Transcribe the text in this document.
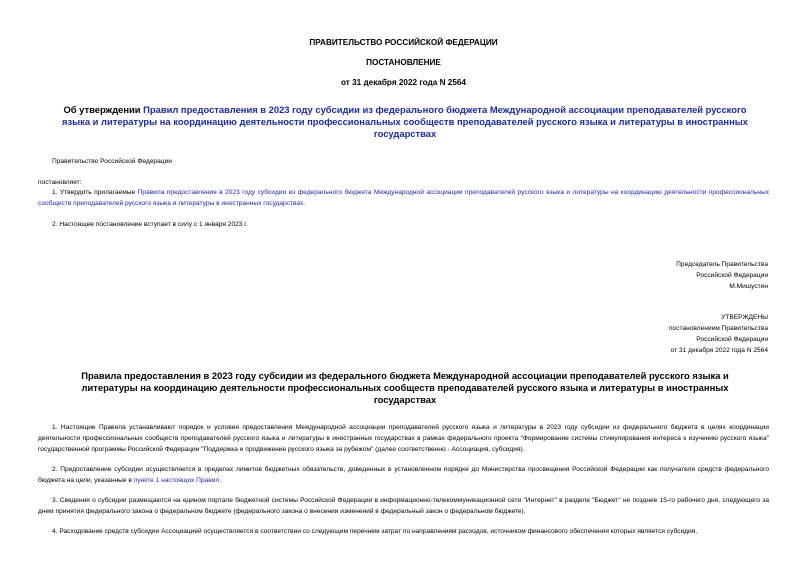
ПРАВИТЕЛЬСТВО РОССИЙСКОЙ ФЕДЕРАЦИИ
ПОСТАНОВЛЕНИЕ
от 31 декабря 2022 года N 2564
Об утверждении Правил предоставления в 2023 году субсидии из федерального бюджета Международной ассоциации преподавателей русского языка и литературы на координацию деятельности профессиональных сообществ преподавателей русского языка и литературы в иностранных государствах
Правительство Российской Федерации
постановляет:
1. Утвердить прилагаемые Правила предоставления в 2023 году субсидии из федерального бюджета Международной ассоциации преподавателей русского языка и литературы на координацию деятельности профессиональных сообществ преподавателей русского языка и литературы в иностранных государствах.
2. Настоящее постановление вступает в силу с 1 января 2023 г.
Председатель Правительства
Российской Федерации
М.Мишустин
УТВЕРЖДЕНЫ
постановлением Правительства
Российской Федерации
от 31 декабря 2022 года N 2564
Правила предоставления в 2023 году субсидии из федерального бюджета Международной ассоциации преподавателей русского языка и литературы на координацию деятельности профессиональных сообществ преподавателей русского языка и литературы в иностранных государствах
1. Настоящие Правила устанавливают порядок и условия предоставления Международной ассоциации преподавателей русского языка и литературы в 2023 году субсидии из федерального бюджета в целях координации деятельности профессиональных сообществ преподавателей русского языка и литературы в иностранных государствах в рамках федерального проекта "Формирование системы стимулирования интереса к изучению русского языка" государственной программы Российской Федерации "Поддержка и продвижение русского языка за рубежом" (далее соответственно - Ассоциация, субсидия).
2. Предоставление субсидии осуществляется в пределах лимитов бюджетных обязательств, доведенных в установленном порядке до Министерства просвещения Российской Федерации как получателя средств федерального бюджета на цели, указанные в пункте 1 настоящих Правил.
3. Сведения о субсидии размещаются на едином портале бюджетной системы Российской Федерации в информационно-телекоммуникационной сети "Интернет" в разделе "Бюджет" не позднее 15-го рабочего дня, следующего за днем принятия федерального закона о федеральном бюджете (федерального закона о внесении изменений в федеральный закон о федеральном бюджете).
4. Расходование средств субсидии Ассоциацией осуществляется в соответствии со следующим перечнем затрат по направлениям расходов, источником финансового обеспечения которых является субсидия,
